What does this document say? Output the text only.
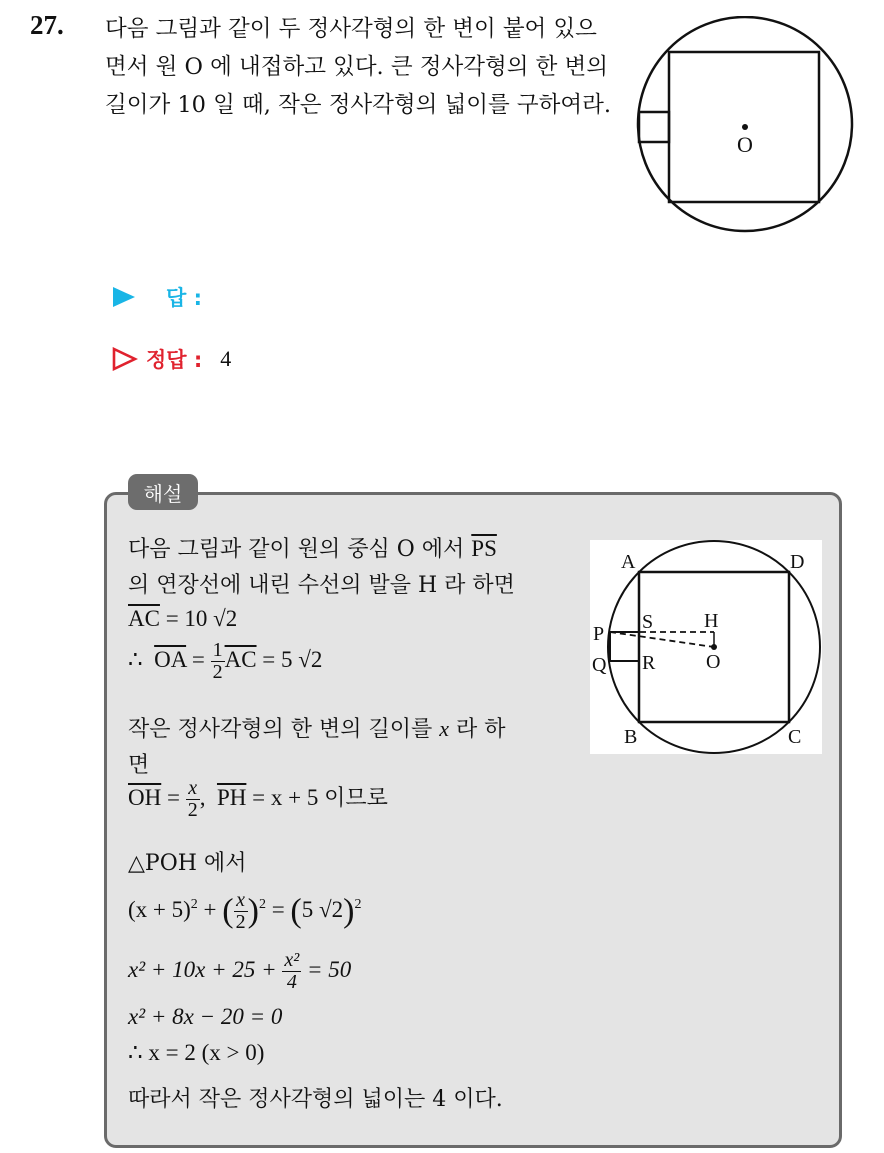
27. 다음 그림과 같이 두 정사각형의 한 변이 붙어 있으면서 원 O 에 내접하고 있다. 큰 정사각형의 한 변의 길이가 10 일 때, 작은 정사각형의 넓이를 구하여라.

O
답 :
정답 : 4
해설
A	D
P
S	H
Q R	O
B	C
다음 그림과 같이 원의 중심 O 에서 $\overline{PS}$
의 연장선에 내린 수선의 발을 H 라 하면
$\overline{AC} = 10$ √2
∴ $\overline{OA} = \frac{1}{2} \overline{AC} = 5$ √2
작은 정사각형의 한 변의 길이를 x 라 하
면
$\overline{OH} = \frac{x}{2}$ , $\overline{PH} = x + 5$ 이므로
△POH 에서
$(x + 5)^2$ + ( $\frac{x}{2} )^2 = (5$ √2)$^2$
$x^2 + 10x + 25 + \frac{\text{x²}}{4} = 50$
x² + 8x − 20 = 0
∴ x = 2 (x > 0)
따라서 작은 정사각형의 넓이는 4 이다.
